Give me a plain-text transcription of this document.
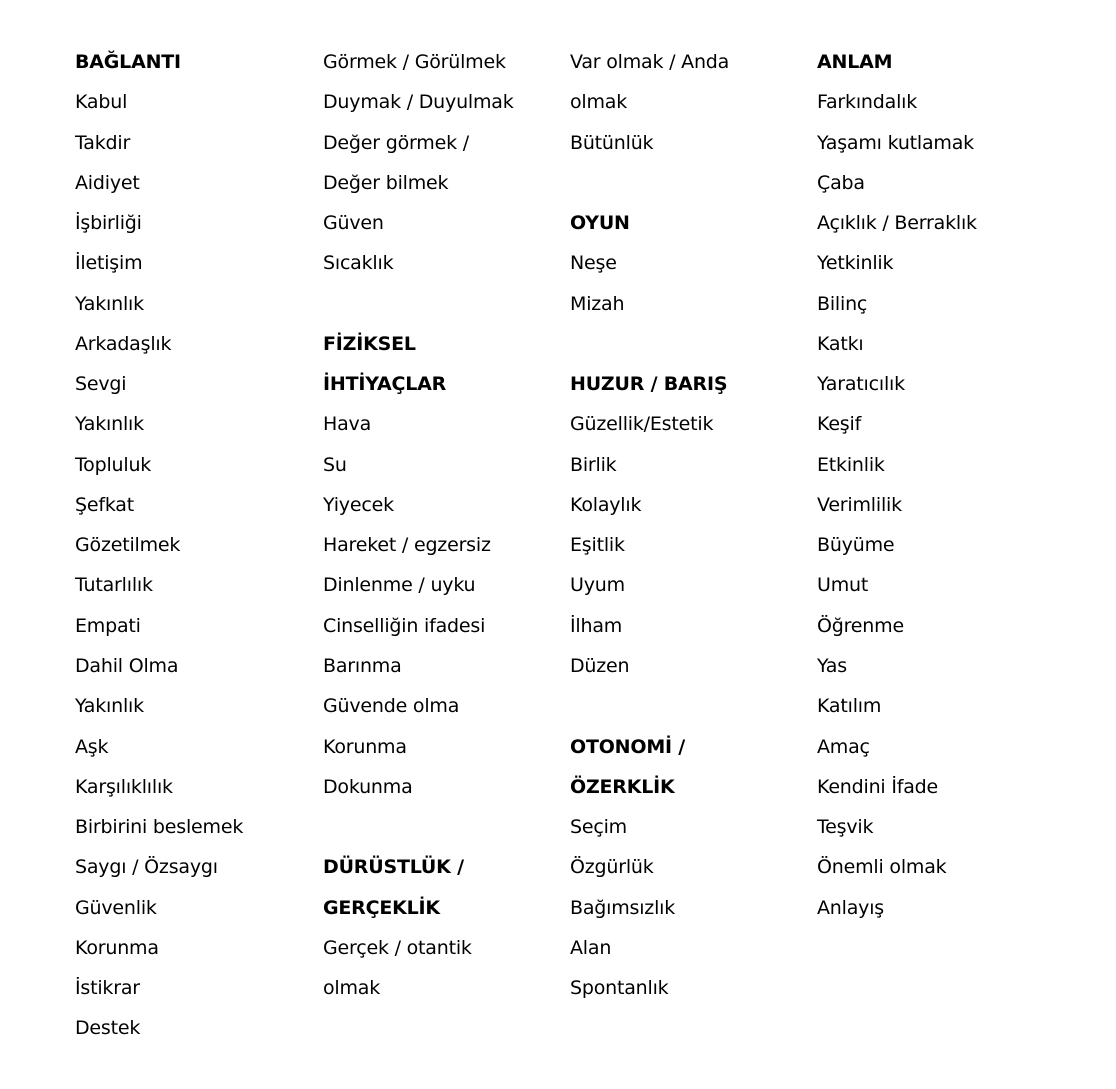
BAĞLANTI
Kabul
Takdir
Aidiyet
İşbirliği
İletişim
Yakınlık
Arkadaşlık
Sevgi
Yakınlık
Topluluk
Şefkat
Gözetilmek
Tutarlılık
Empati
Dahil Olma
Yakınlık
Aşk
Karşılıklılık
Birbirini beslemek
Saygı / Özsaygı
Güvenlik
Korunma
İstikrar
Destek
Görmek / Görülmek
Duymak / Duyulmak
Değer görmek /
Değer bilmek
Güven
Sıcaklık
FİZİKSEL
İHTİYAÇLAR
Hava
Su
Yiyecek
Hareket / egzersiz
Dinlenme / uyku
Cinselliğin ifadesi
Barınma
Güvende olma
Korunma
Dokunma
DÜRÜSTLÜK /
GERÇEKLİK
Gerçek / otantik
olmak
Var olmak / Anda
olmak
Bütünlük
OYUN
Neşe
Mizah
HUZUR / BARIŞ
Güzellik/Estetik
Birlik
Kolaylık
Eşitlik
Uyum
İlham
Düzen
OTONOMİ /
ÖZERKLİK
Seçim
Özgürlük
Bağımsızlık
Alan
Spontanlık
ANLAM
Farkındalık
Yaşamı kutlamak
Çaba
Açıklık / Berraklık
Yetkinlik
Bilinç
Katkı
Yaratıcılık
Keşif
Etkinlik
Verimlilik
Büyüme
Umut
Öğrenme
Yas
Katılım
Amaç
Kendini İfade
Teşvik
Önemli olmak
Anlayış
